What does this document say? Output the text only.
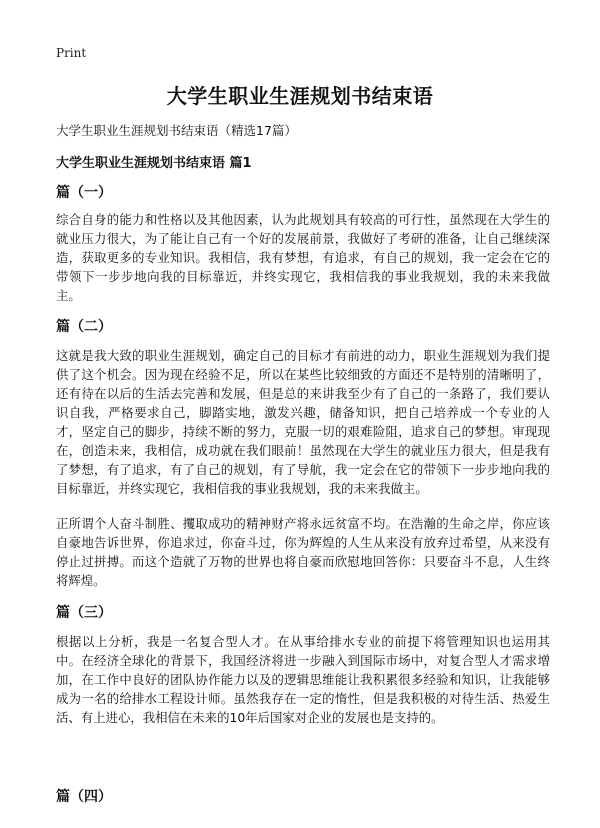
Print
大学生职业生涯规划书结束语
大学生职业生涯规划书结束语（精选17篇）
大学生职业生涯规划书结束语 篇1
篇（一）
综合自身的能力和性格以及其他因素，认为此规划具有较高的可行性，虽然现在大学生的就业压力很大，为了能让自己有一个好的发展前景，我做好了考研的准备，让自己继续深造，获取更多的专业知识。我相信，我有梦想，有追求，有自己的规划，我一定会在它的带领下一步步地向我的目标靠近，并终实现它，我相信我的事业我规划，我的未来我做主。
篇（二）
这就是我大致的职业生涯规划，确定自己的目标才有前进的动力，职业生涯规划为我们提供了这个机会。因为现在经验不足，所以在某些比较细致的方面还不是特别的清晰明了，还有待在以后的生活去完善和发展，但是总的来讲我至少有了自己的一条路了，我们要认识自我，严格要求自己，脚踏实地，激发兴趣，储备知识，把自己培养成一个专业的人才，坚定自己的脚步，持续不断的努力，克服一切的艰难险阻，追求自己的梦想。审现现在，创造未来，我相信，成功就在我们眼前！虽然现在大学生的就业压力很大，但是我有了梦想，有了追求，有了自己的规划，有了导航，我一定会在它的带领下一步步地向我的目标靠近，并终实现它，我相信我的事业我规划，我的未来我做主。
正所谓个人奋斗制胜、攫取成功的精神财产将永远贫富不均。在浩瀚的生命之岸，你应该自豪地告诉世界，你追求过，你奋斗过，你为辉煌的人生从来没有放弃过希望，从来没有停止过拼搏。而这个造就了万物的世界也将自豪而欣慰地回答你：只要奋斗不息，人生终将辉煌。
篇（三）
根据以上分析，我是一名复合型人才。在从事给排水专业的前提下将管理知识也运用其中。在经济全球化的背景下，我国经济将进一步融入到国际市场中，对复合型人才需求增加，在工作中良好的团队协作能力以及的逻辑思维能让我积累很多经验和知识，让我能够成为一名的给排水工程设计师。虽然我存在一定的惰性，但是我积极的对待生活、热爱生活、有上进心，我相信在未来的10年后国家对企业的发展也是支持的。
篇（四）
